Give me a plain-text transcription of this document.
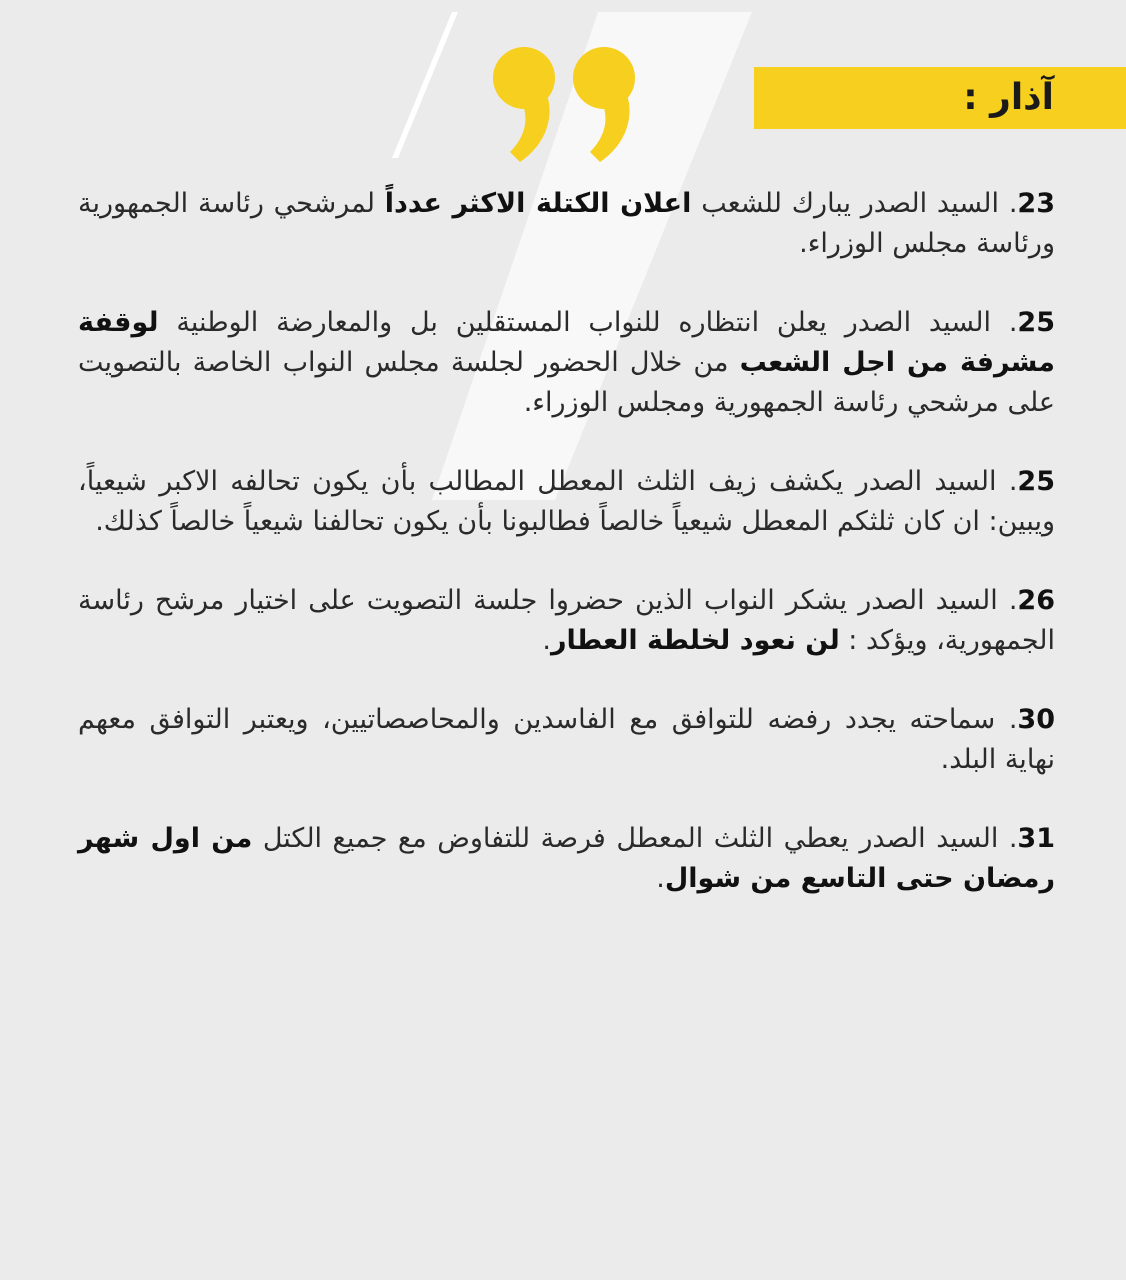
آذار :

23. السيد الصدر يبارك للشعب اعلان الكتلة الاكثر عدداً لمرشحي رئاسة الجمهورية ورئاسة مجلس الوزراء.

25. السيد الصدر يعلن انتظاره للنواب المستقلين بل والمعارضة الوطنية لوقفة مشرفة من اجل الشعب من خلال الحضور لجلسة مجلس النواب الخاصة بالتصويت على مرشحي رئاسة الجمهورية ومجلس الوزراء.

25. السيد الصدر يكشف زيف الثلث المعطل المطالب بأن يكون تحالفه الاكبر شيعياً، ويبين: ان كان ثلثكم المعطل شيعياً خالصاً فطالبونا بأن يكون تحالفنا شيعياً خالصاً كذلك.

26. السيد الصدر يشكر النواب الذين حضروا جلسة التصويت على اختيار مرشح رئاسة الجمهورية، ويؤكد : لن نعود لخلطة العطار.

30. سماحته يجدد رفضه للتوافق مع الفاسدين والمحاصصاتيين، ويعتبر التوافق معهم نهاية البلد.

31. السيد الصدر يعطي الثلث المعطل فرصة للتفاوض مع جميع الكتل من اول شهر رمضان حتى التاسع من شوال.
